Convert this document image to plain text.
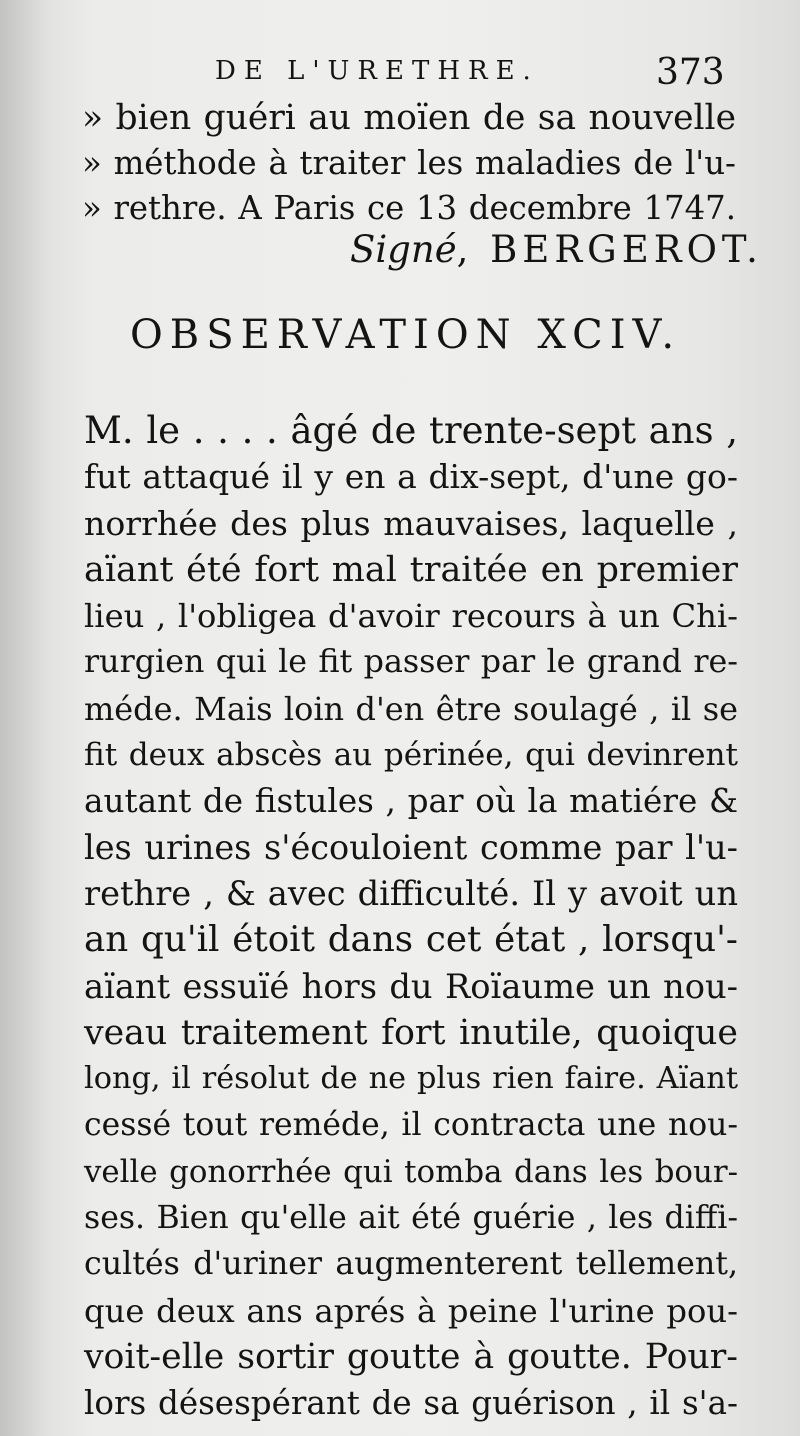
DE L'URETHRE.	373
» bien guéri au moïen de sa nouvelle
» méthode à traiter les maladies de l'u-
» rethre. A Paris ce 13 decembre 1747.
Signé, BERGEROT.
OBSERVATION XCIV.
M. le . . . . âgé de trente-sept ans ,
fut attaqué il y en a dix-sept, d'une go-
norrhée des plus mauvaises, laquelle ,
aïant été fort mal traitée en premier
lieu , l'obligea d'avoir recours à un Chi-
rurgien qui le fit passer par le grand re-
méde. Mais loin d'en être soulagé , il se
fit deux abscès au périnée, qui devinrent
autant de fistules , par où la matiére &
les urines s'écouloient comme par l'u-
rethre , & avec difficulté. Il y avoit un
an qu'il étoit dans cet état , lorsqu'-
aïant essuïé hors du Roïaume un nou-
veau traitement fort inutile, quoique
long, il résolut de ne plus rien faire. Aïant
cessé tout reméde, il contracta une nou-
velle gonorrhée qui tomba dans les bour-
ses. Bien qu'elle ait été guérie , les diffi-
cultés d'uriner augmenterent tellement,
que deux ans aprés à peine l'urine pou-
voit-elle sortir goutte à goutte. Pour-
lors désespérant de sa guérison , il s'a-
